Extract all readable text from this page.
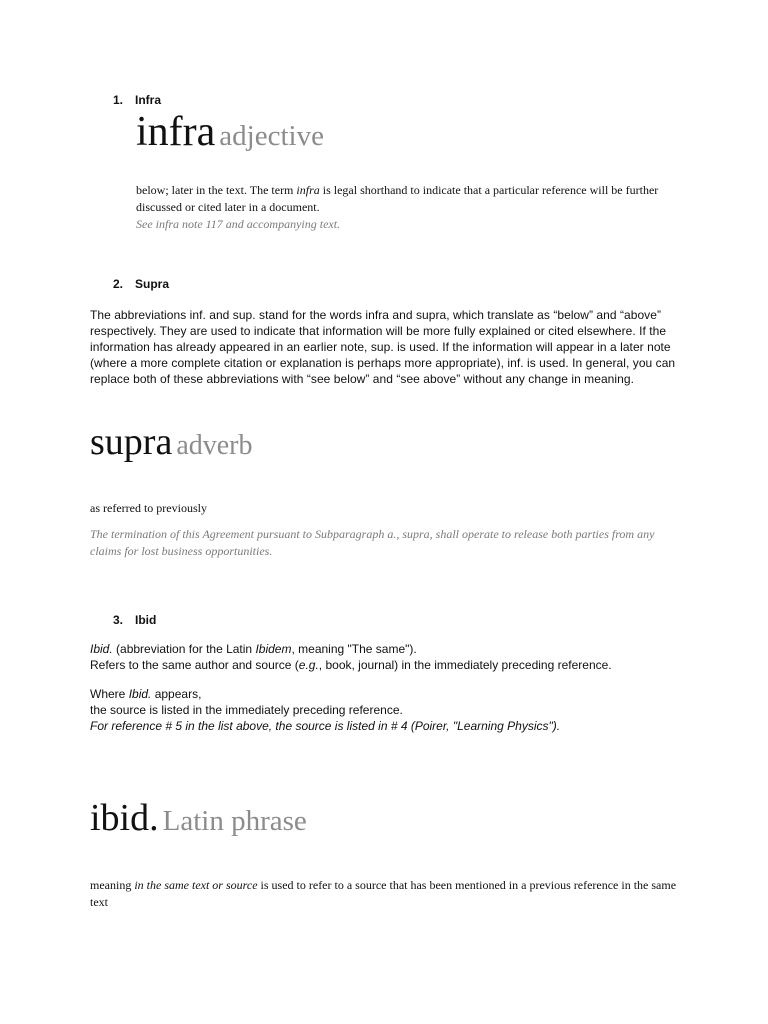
1. Infra
infra adjective

below; later in the text. The term infra is legal shorthand to indicate that a particular reference will be further discussed or cited later in a document.

See infra note 117 and accompanying text.

2. Supra

The abbreviations inf. and sup. stand for the words infra and supra, which translate as “below” and “above” respectively. They are used to indicate that information will be more fully explained or cited elsewhere. If the information has already appeared in an earlier note, sup. is used. If the information will appear in a later note (where a more complete citation or explanation is perhaps more appropriate), inf. is used. In general, you can replace both of these abbreviations with “see below” and “see above” without any change in meaning.

supra adverb

as referred to previously

The termination of this Agreement pursuant to Subparagraph a., supra, shall operate to release both parties from any claims for lost business opportunities.

3. Ibid
Ibid. (abbreviation for the Latin Ibidem, meaning "The same").
Refers to the same author and source (e.g., book, journal) in the immediately preceding reference.
Where Ibid. appears,
the source is listed in the immediately preceding reference.
For reference # 5 in the list above, the source is listed in # 4 (Poirer, "Learning Physics").
ibid. Latin phrase

meaning in the same text or source is used to refer to a source that has been mentioned in a previous reference in the same text
